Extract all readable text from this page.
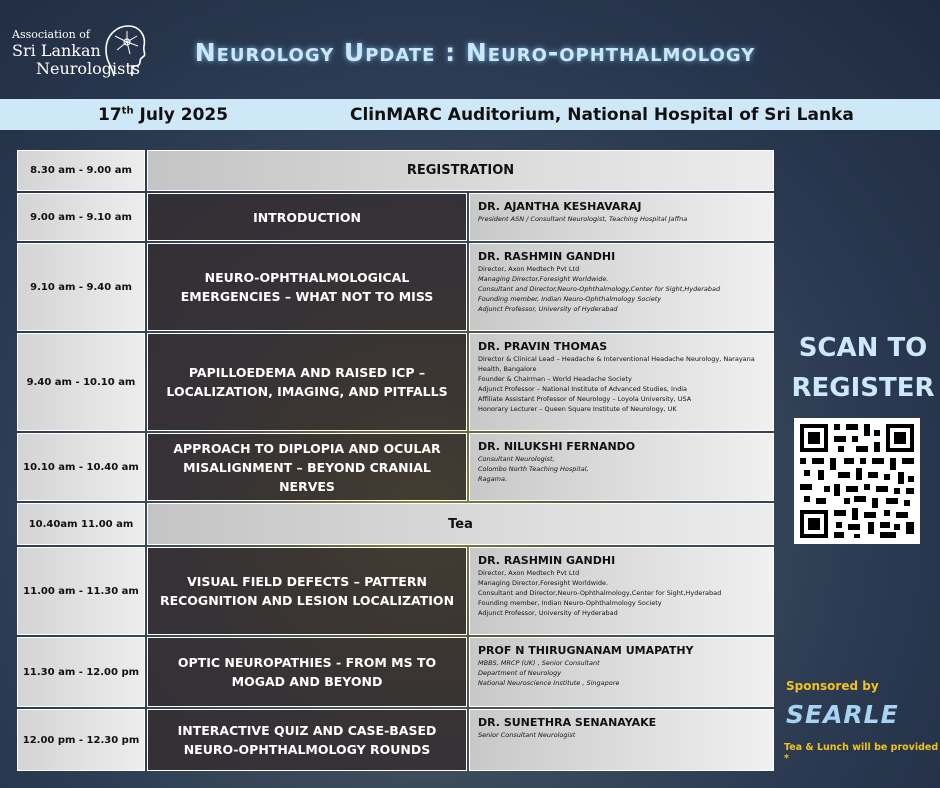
Association of
Sri Lankan
Neurologists
Neurology Update : Neuro-ophthalmology
17th July 2025	ClinMARC Auditorium, National Hospital of Sri Lanka
8.30 am - 9.00 am	REGISTRATION
9.00 am - 9.10 am	INTRODUCTION
DR. AJANTHA KESHAVARAJ
President ASN / Consultant Neurologist, Teaching Hospital Jaffna
9.10 am - 9.40 am
NEURO-OPHTHALMOLOGICAL EMERGENCIES – WHAT NOT TO MISS
DR. RASHMIN GANDHI
Director, Axon Medtech Pvt Ltd
Managing Director,Foresight Worldwide.
Consultant and Director,Neuro-Ophthalmology,Center for Sight,Hyderabad
Founding member, Indian Neuro-Ophthalmology Society
Adjunct Professor, University of Hyderabad
9.40 am - 10.10 am
PAPILLOEDEMA AND RAISED ICP – LOCALIZATION, IMAGING, AND PITFALLS
DR. PRAVIN THOMAS
Director & Clinical Lead – Headache & Interventional Headache Neurology, Narayana Health, Bangalore
Founder & Chairman – World Headache Society
Adjunct Professor – National Institute of Advanced Studies, India
Affiliate Assistant Professor of Neurology – Loyola University, USA
Honorary Lecturer – Queen Square Institute of Neurology, UK
10.10 am - 10.40 am
APPROACH TO DIPLOPIA AND OCULAR MISALIGNMENT – BEYOND CRANIAL NERVES
DR. NILUKSHI FERNANDO
Consultant Neurologist,
Colombo North Teaching Hospital,
Ragama.
10.40am 11.00 am	Tea
11.00 am - 11.30 am
VISUAL FIELD DEFECTS – PATTERN RECOGNITION AND LESION LOCALIZATION
DR. RASHMIN GANDHI
Director, Axon Medtech Pvt Ltd
Managing Director,Foresight Worldwide.
Consultant and Director,Neuro-Ophthalmology,Center for Sight,Hyderabad
Founding member, Indian Neuro-Ophthalmology Society
Adjunct Professor, University of Hyderabad
11.30 am - 12.00 pm
OPTIC NEUROPATHIES - FROM MS TO MOGAD AND BEYOND
PROF N THIRUGNANAM UMAPATHY
MBBS, MRCP (UK) , Senior Consultant
Department of Neurology
National Neuroscience Institute , Singapore
12.00 pm - 12.30 pm
INTERACTIVE QUIZ AND CASE-BASED NEURO-OPHTHALMOLOGY ROUNDS
DR. SUNETHRA SENANAYAKE
Senior Consultant Neurologist
SCAN TO
REGISTER
Sponsored by
SEARLE
Tea & Lunch will be provided *
